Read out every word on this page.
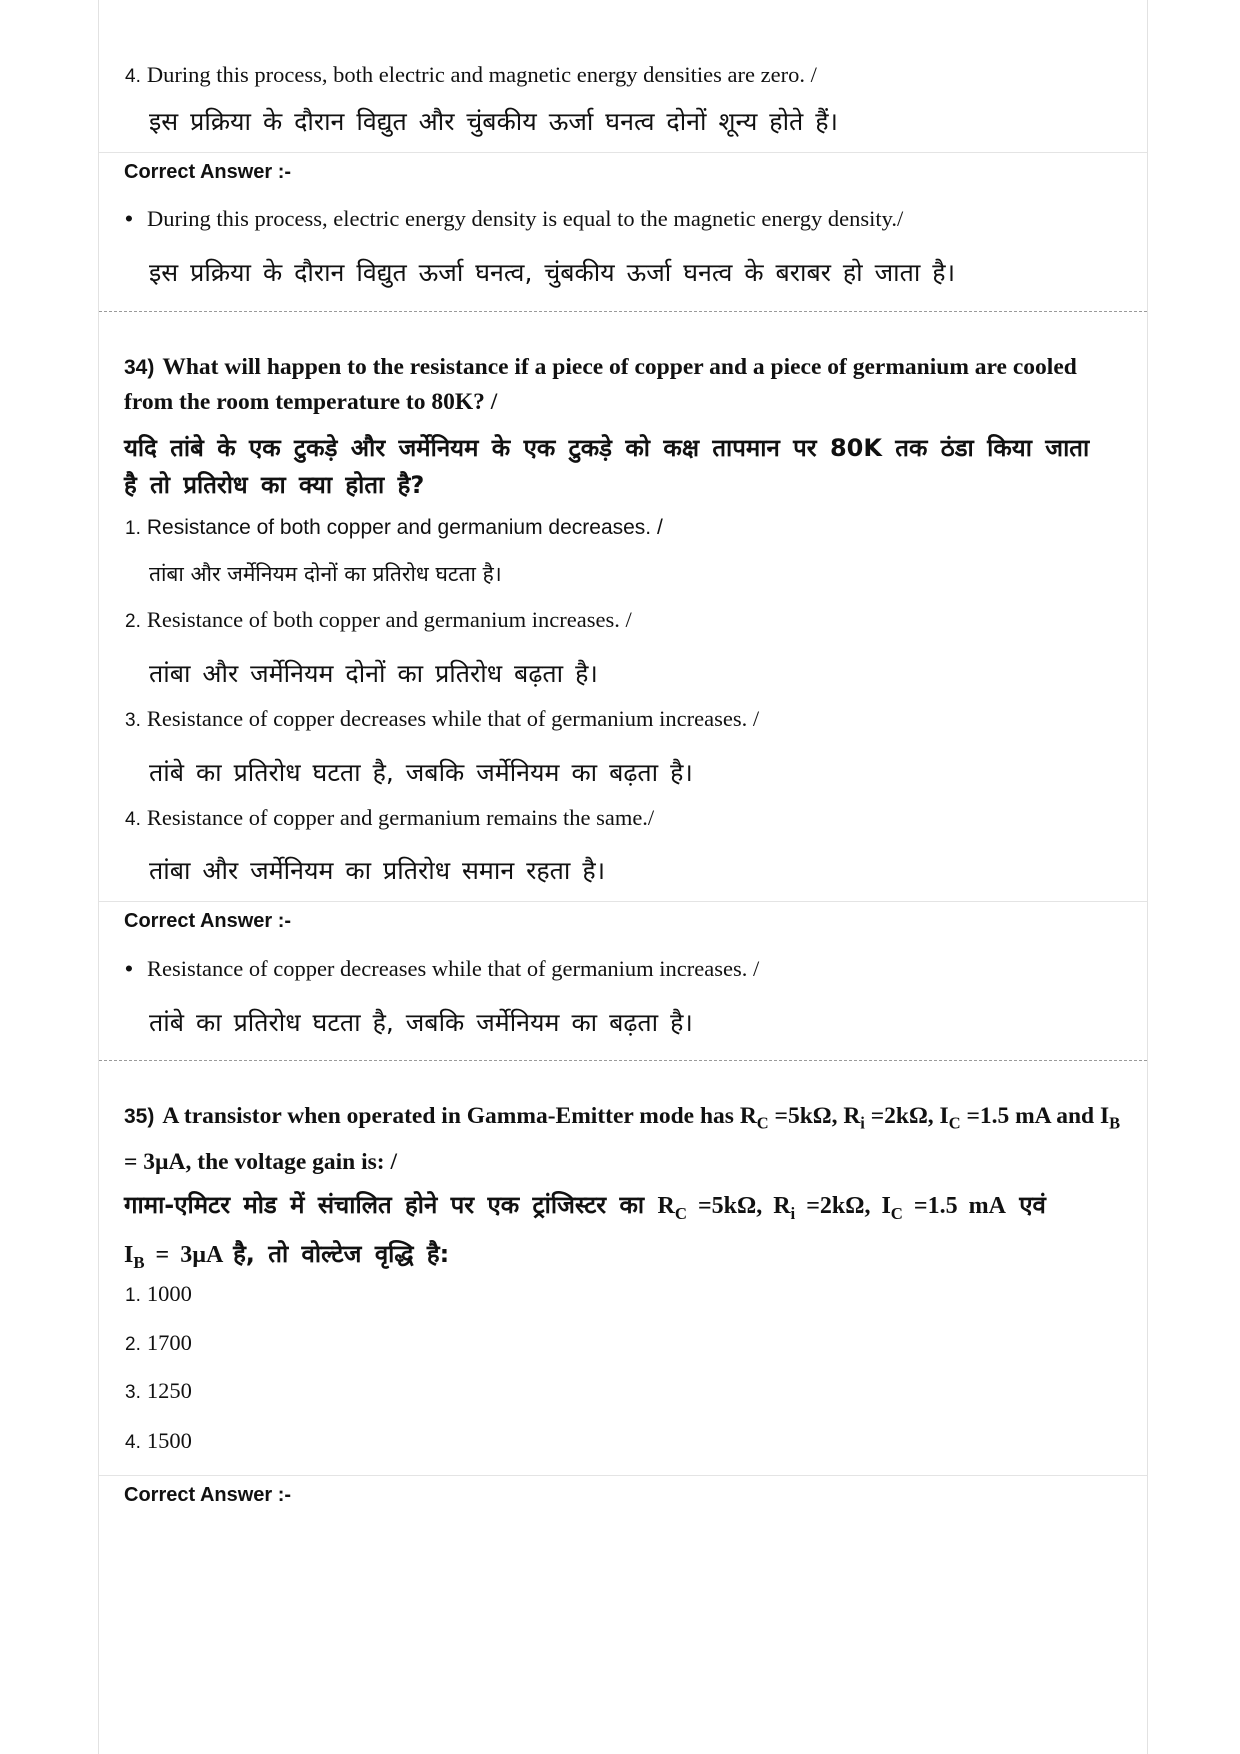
4. During this process, both electric and magnetic energy densities are zero. /
इस प्रक्रिया के दौरान विद्युत और चुंबकीय ऊर्जा घनत्व दोनों शून्य होते हैं।
Correct Answer :-
• During this process, electric energy density is equal to the magnetic energy density./
इस प्रक्रिया के दौरान विद्युत ऊर्जा घनत्व, चुंबकीय ऊर्जा घनत्व के बराबर हो जाता है।
34) What will happen to the resistance if a piece of copper and a piece of germanium are cooled from the room temperature to 80K? /
यदि तांबे के एक टुकड़े और जर्मेनियम के एक टुकड़े को कक्ष तापमान पर 80K तक ठंडा किया जाता है तो प्रतिरोध का क्या होता है?
1. Resistance of both copper and germanium decreases. /
तांबा और जर्मेनियम दोनों का प्रतिरोध घटता है।
2. Resistance of both copper and germanium increases. /
तांबा और जर्मेनियम दोनों का प्रतिरोध बढ़ता है।
3. Resistance of copper decreases while that of germanium increases. /
तांबे का प्रतिरोध घटता है, जबकि जर्मेनियम का बढ़ता है।
4. Resistance of copper and germanium remains the same./
तांबा और जर्मेनियम का प्रतिरोध समान रहता है।
Correct Answer :-
• Resistance of copper decreases while that of germanium increases. /
तांबे का प्रतिरोध घटता है, जबकि जर्मेनियम का बढ़ता है।
35) A transistor when operated in Gamma-Emitter mode has $R_C =5k\Omega$, $R_i =2k\Omega$, $I_C =1.5$ mA and $I_B = 3\mu A$, the voltage gain is: /
गामा-एमिटर मोड में संचालित होने पर एक ट्रांजिस्टर का $R_C =5k\Omega$, $R_i =2k\Omega$, $I_C =1.5$ mA एवं
$I_B = 3\mu A$ है, तो वोल्टेज वृद्धि है:
1. 1000
2. 1700
3. 1250
4. 1500
Correct Answer :-
